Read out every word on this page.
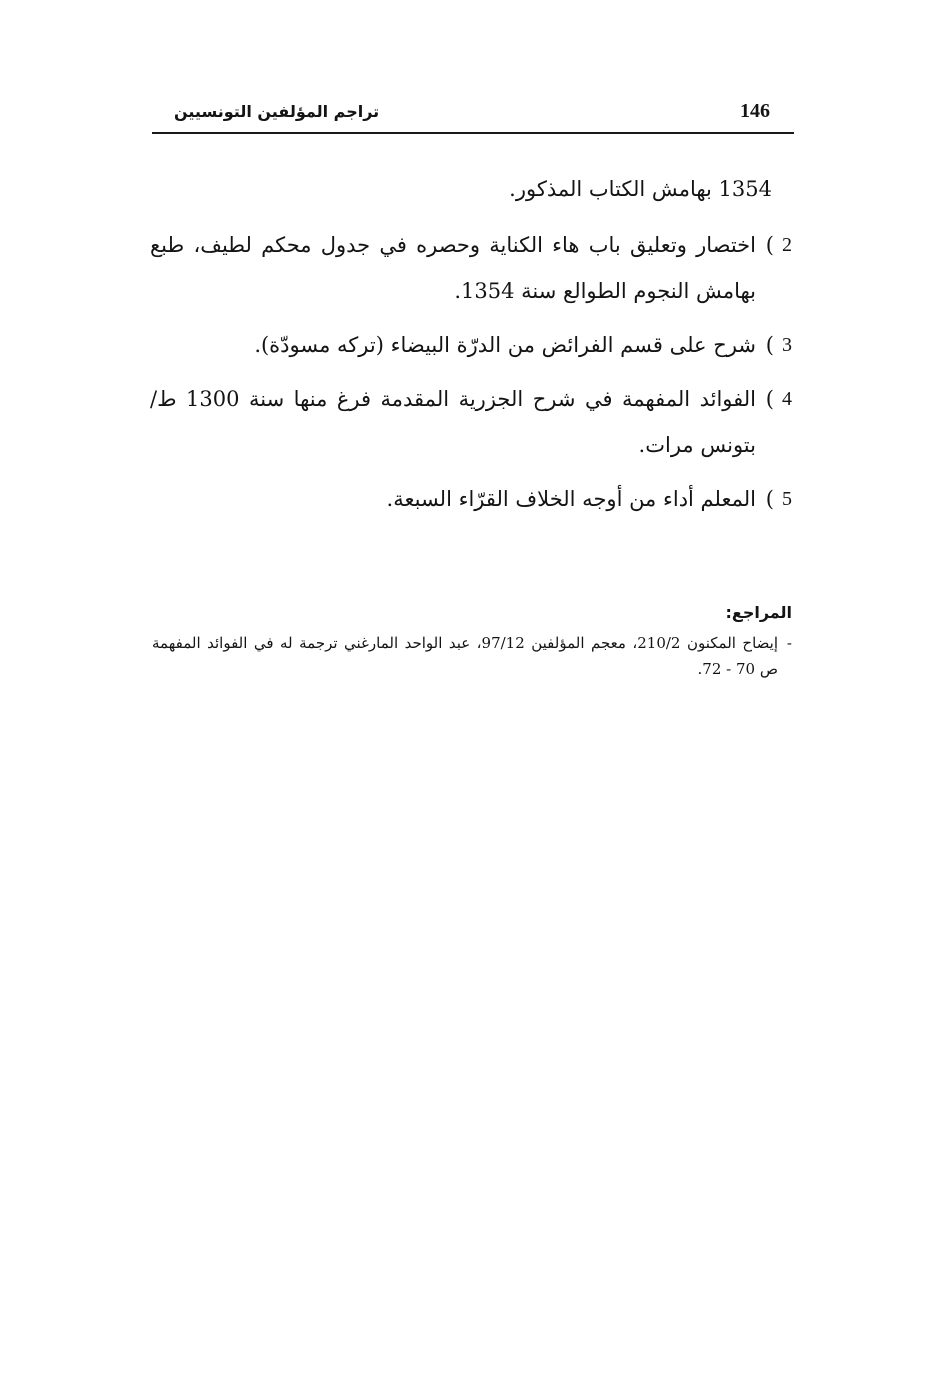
146
تراجم المؤلفين التونسيين
1354 بهامش الكتاب المذكور.
2
)
اختصار وتعليق باب هاء الكناية وحصره في جدول محكم لطيف، طبع بهامش النجوم الطوالع سنة 1354.
3
)
شرح على قسم الفرائض من الدرّة البيضاء (تركه مسودّة).
4
)
الفوائد المفهمة في شرح الجزرية المقدمة فرغ منها سنة 1300 ط/ بتونس مرات.
5
)
المعلم أداء من أوجه الخلاف القرّاء السبعة.
المراجع:
-
إيضاح المكنون 210/2، معجم المؤلفين 97/12، عبد الواحد المارغني ترجمة له في الفوائد المفهمة ص 70 - 72.
